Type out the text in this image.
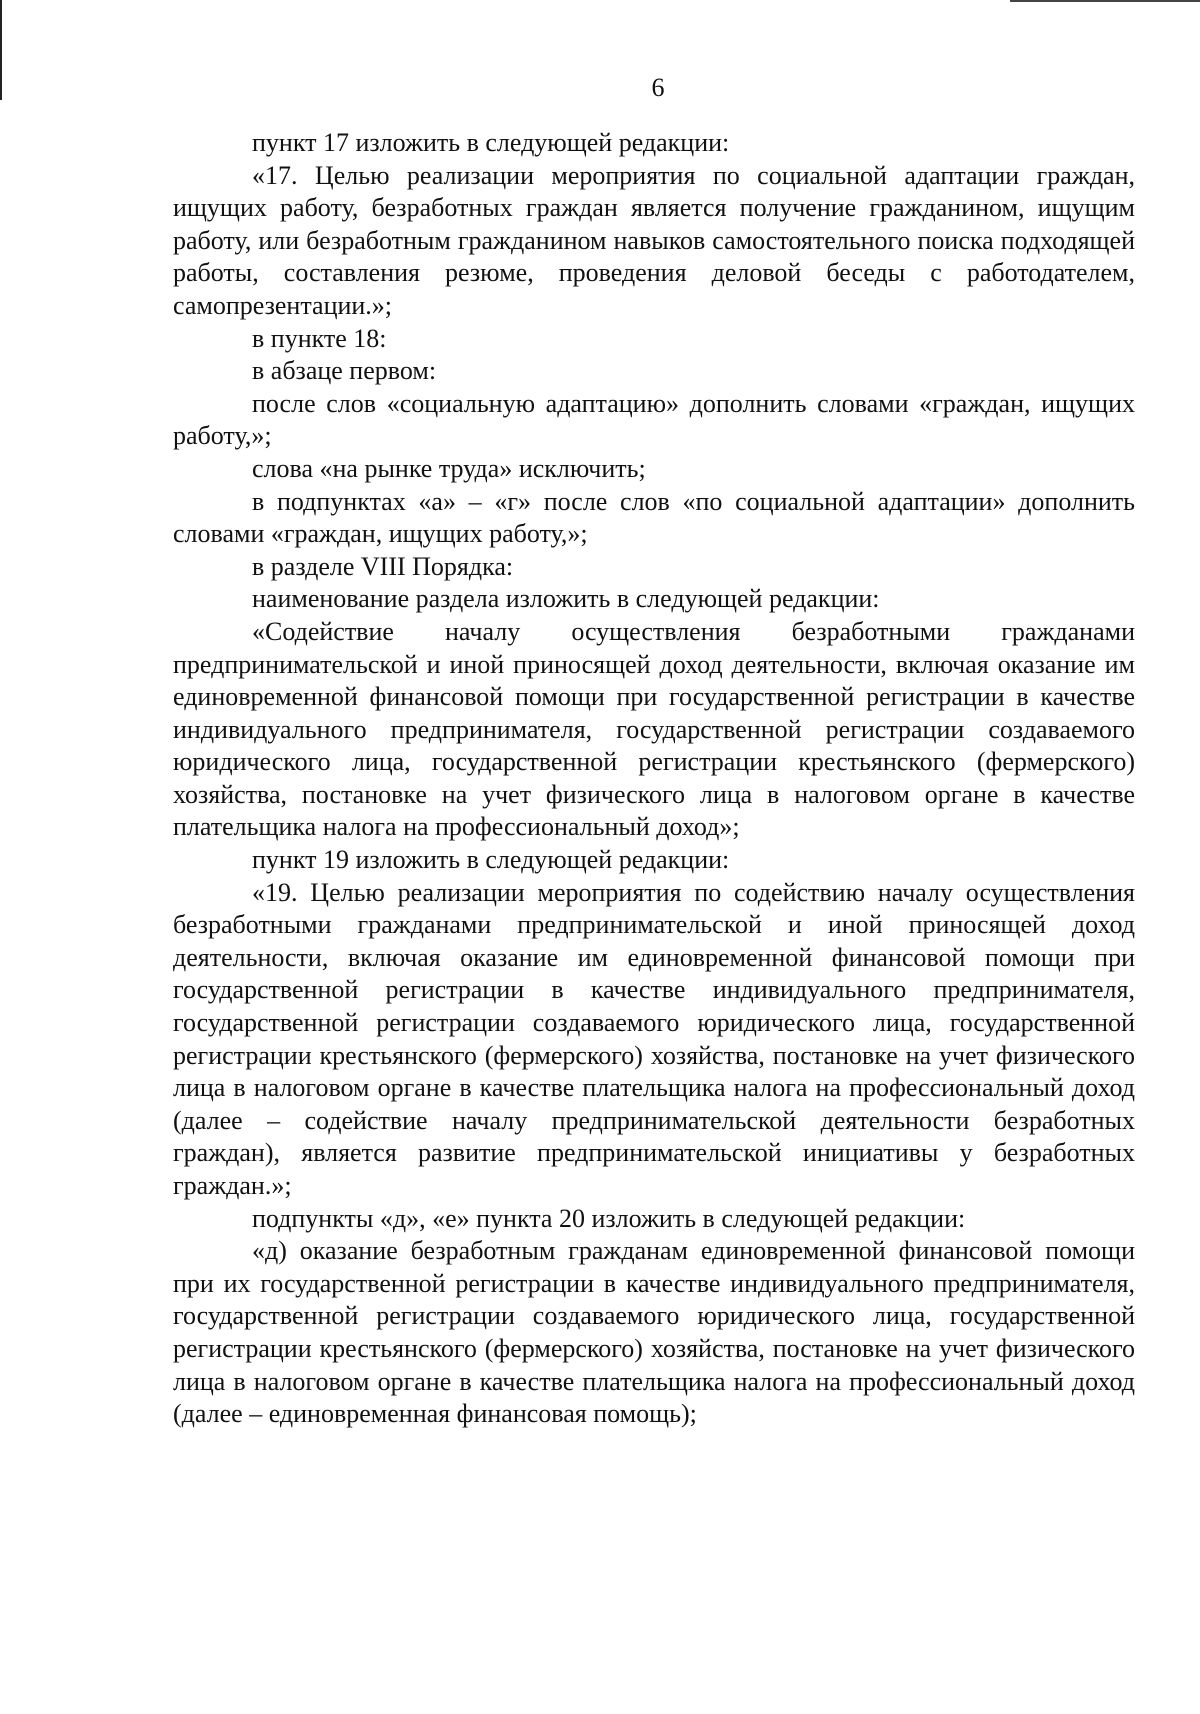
6

пункт 17 изложить в следующей редакции:

«17. Целью реализации мероприятия по социальной адаптации граждан, ищущих работу, безработных граждан является получение гражданином, ищущим работу, или безработным гражданином навыков самостоятельного поиска подходящей работы, составления резюме, проведения деловой беседы с работодателем, самопрезентации.»;

в пункте 18:

в абзаце первом:

после слов «социальную адаптацию» дополнить словами «граждан, ищущих работу,»;

слова «на рынке труда» исключить;

в подпунктах «а» – «г» после слов «по социальной адаптации» дополнить словами «граждан, ищущих работу,»;

в разделе VIII Порядка:

наименование раздела изложить в следующей редакции:

«Содействие началу осуществления безработными гражданами предпринимательской и иной приносящей доход деятельности, включая оказание им единовременной финансовой помощи при государственной регистрации в качестве индивидуального предпринимателя, государственной регистрации создаваемого юридического лица, государственной регистрации крестьянского (фермерского) хозяйства, постановке на учет физического лица в налоговом органе в качестве плательщика налога на профессиональный доход»;

пункт 19 изложить в следующей редакции:

«19. Целью реализации мероприятия по содействию началу осуществления безработными гражданами предпринимательской и иной приносящей доход деятельности, включая оказание им единовременной финансовой помощи при государственной регистрации в качестве индивидуального предпринимателя, государственной регистрации создаваемого юридического лица, государственной регистрации крестьянского (фермерского) хозяйства, постановке на учет физического лица в налоговом органе в качестве плательщика налога на профессиональный доход (далее – содействие началу предпринимательской деятельности безработных граждан), является развитие предпринимательской инициативы у безработных граждан.»;

подпункты «д», «е» пункта 20 изложить в следующей редакции:

«д) оказание безработным гражданам единовременной финансовой помощи при их государственной регистрации в качестве индивидуального предпринимателя, государственной регистрации создаваемого юридического лица, государственной регистрации крестьянского (фермерского) хозяйства, постановке на учет физического лица в налоговом органе в качестве плательщика налога на профессиональный доход (далее – единовременная финансовая помощь);
